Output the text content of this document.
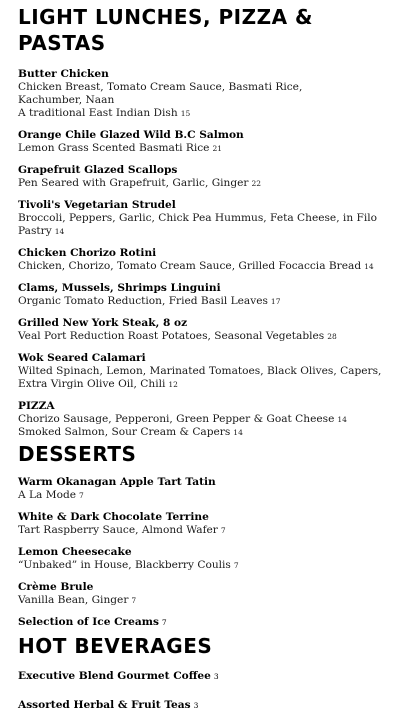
LIGHT LUNCHES, PIZZA &
PASTAS
Butter Chicken
Chicken Breast, Tomato Cream Sauce, Basmati Rice,
Kachumber, Naan
A traditional East Indian Dish 15
Orange Chile Glazed Wild B.C Salmon
Lemon Grass Scented Basmati Rice 21
Grapefruit Glazed Scallops
Pen Seared with Grapefruit, Garlic, Ginger 22
Tivoli's Vegetarian Strudel
Broccoli, Peppers, Garlic, Chick Pea Hummus, Feta Cheese, in Filo
Pastry 14
Chicken Chorizo Rotini
Chicken, Chorizo, Tomato Cream Sauce, Grilled Focaccia Bread 14
Clams, Mussels, Shrimps Linguini
Organic Tomato Reduction, Fried Basil Leaves 17
Grilled New York Steak, 8 oz
Veal Port Reduction Roast Potatoes, Seasonal Vegetables 28
Wok Seared Calamari
Wilted Spinach, Lemon, Marinated Tomatoes, Black Olives, Capers,
Extra Virgin Olive Oil, Chili 12
PIZZA
Chorizo Sausage, Pepperoni, Green Pepper & Goat Cheese 14
Smoked Salmon, Sour Cream & Capers 14
DESSERTS
Warm Okanagan Apple Tart Tatin
A La Mode 7
White & Dark Chocolate Terrine
Tart Raspberry Sauce, Almond Wafer 7
Lemon Cheesecake
“Unbaked” in House, Blackberry Coulis 7
Crème Brule
Vanilla Bean, Ginger 7
Selection of Ice Creams 7
HOT BEVERAGES
Executive Blend Gourmet Coffee 3
Assorted Herbal & Fruit Teas 3
